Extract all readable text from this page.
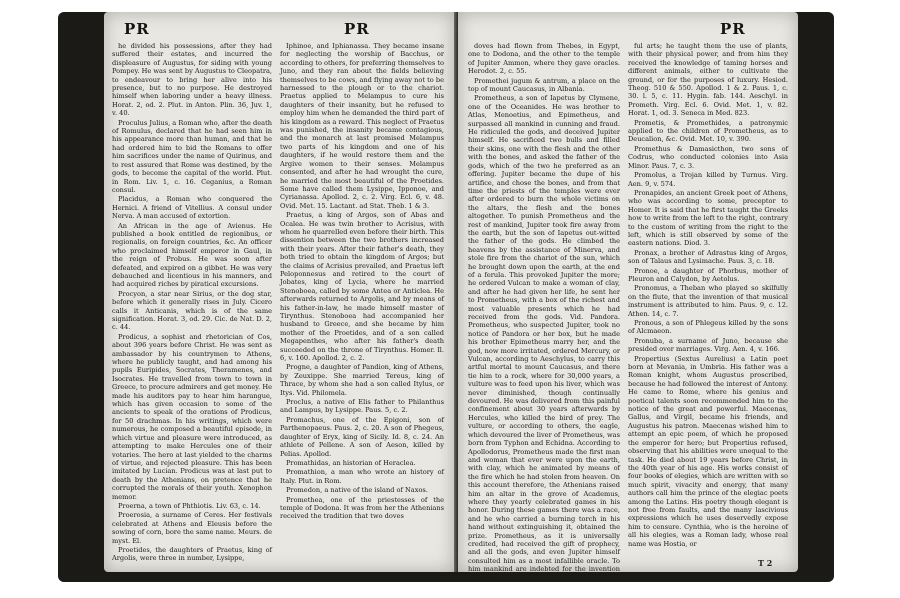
PR	PR

he divided his possessions, after they had suffered their estates, and incurred the displeasure of Augustus, for siding with young Pompey. He was sent by Augustus to Cleopatra, to endeavour to bring her alive into his presence, but to no purpose. He destroyed himself when laboring under a heavy illness. Horat. 2, od. 2. Plut. in Anton. Plin. 36, Juv. 1, v. 40.

Proculus Julius, a Roman who, after the death of Romulus, declared that he had seen him in his appearance more than human, and that he had ordered him to bid the Romans to offer him sacrifices under the name of Quirinus, and to rest assured that Rome was destined, by the gods, to become the capital of the world. Plut. in Rom. Liv. 1, c. 16. Ceganius, a Roman consul.

Placidus, a Roman who conquered the Hernici. A friend of Vitellius. A consul under Nerva. A man accused of extortion.

An African in the age of Avienus. He published a book entitled de regionibus, or regionalis, on foreign countries, &c. An officer who proclaimed himself emperor in Gaul, in the reign of Probus. He was soon after defeated, and expired on a gibbet. He was very debauched and licentious in his manners, and had acquired riches by piratical excursions.

Procyon, a star near Sirius, or the dog star, before which it generally rises in July. Cicero calls it Anticanis, which is of the same signification. Horat. 3, od. 29. Cic. de Nat. D. 2, c. 44.

Prodicus, a sophist and rhetorician of Cos, about 396 years before Christ. He was sent as ambassador by his countrymen to Athens, where he publicly taught, and had among his pupils Euripides, Socrates, Theramenes, and Isocrates. He travelled from town to town in Greece, to procure admirers and get money. He made his auditors pay to hear him harangue, which has given occasion to some of the ancients to speak of the orations of Prodicus, for 50 drachmas. In his writings, which were numerous, he composed a beautiful episode, in which virtue and pleasure were introduced, as attempting to make Hercules one of their votaries. The hero at last yielded to the charms of virtue, and rejected pleasure. This has been imitated by Lucian. Prodicus was at last put to death by the Athenians, on pretence that he corrupted the morals of their youth. Xenophon memor.

Proerna, a town of Phthiotis. Liv. 63, c. 14.

Proerosia, a surname of Ceres. Her festivals celebrated at Athens and Eleusis before the sowing of corn, bore the same name. Meurs. de myst. El.

Proetides, the daughters of Praetus, king of Argolis, were three in number, Lysippe,

Iphinoe, and Iphianassa. They became insane for neglecting the worship of Bacchus, or according to others, for preferring themselves to Juno, and they ran about the fields believing themselves to be cows, and flying away not to be harnessed to the plough or to the chariot. Praetus applied to Melampus to cure his daughters of their insanity, but he refused to employ him when he demanded the third part of his kingdom as a reward. This neglect of Praetus was punished, the insanity became contagious, and the monarch at last promised Melampus two parts of his kingdom and one of his daughters, if he would restore them and the Argive women to their senses. Melampus consented, and after he had wrought the cure, he married the most beautiful of the Proetides. Some have called them Lysippe, Ipponoe, and Cyrianassa. Apollod. 2, c. 2. Virg. Ecl. 6, v. 48. Ovid. Met. 15. Lactant. ad Stat. Theb. 1 & 3.

Praetus, a king of Argos, son of Abas and Ocalea. He was twin brother to Acrisius, with whom he quarrelled even before their birth. This dissention between the two brothers increased with their years. After their father's death, they both tried to obtain the kingdom of Argos; but the claims of Acrisius prevailed, and Praetus left Peloponnesus and retired to the court of Jobates, king of Lycia, where he married Stenoboea, called by some Antea or Anticlea. He afterwards returned to Argolis, and by means of his father-in-law, he made himself master of Tirynthus. Stenoboea had accompanied her husband to Greece, and she became by him mother of the Proetides, and of a son called Megapenthes, who after his father's death succeeded on the throne of Tirynthus. Homer. Il. 6, v. 160. Apollod. 2, c. 2.

Progne, a daughter of Pandion, king of Athens, by Zeuxippe. She married Tereus, king of Thrace, by whom she had a son called Itylus, or Itys. Vid. Philomela.

Proclus, a native of Elis father to Philanthus and Lampus, by Lysippe. Paus. 5, c. 2.

Promachus, one of the Epigoni, son of Parthenopaeus. Paus. 2, c. 20. A son of Phegeus, daughter of Eryx, king of Sicily. Id. 8, c. 24. An athlete of Pellene. A son of Aeson, killed by Pelias. Apollod.

Promathidas, an historian of Heraclea.

Promathion, a man who wrote an history of Italy. Plut. in Rom.

Promedon, a native of the island of Naxos.

Promethea, one of the priestesses of the temple of Dodona. It was from her the Athenians received the tradition that two doves

PR

doves had flown from Thebes, in Egypt, one to Dodona, and the other to the temple of Jupiter Ammon, where they gave oracles. Herodot. 2, c. 55.

Promethei jugum & antrum, a place on the top of mount Caucasus, in Albania.

Prometheus, a son of Iapetus by Clymene, one of the Oceanides. He was brother to Atlas, Menoetius, and Epimetheus, and surpassed all mankind in cunning and fraud. He ridiculed the gods, and deceived Jupiter himself. He sacrificed two bulls and filled their skins, one with the flesh and the other with the bones, and asked the father of the gods, which of the two he preferred as an offering. Jupiter became the dupe of his artifice, and chose the bones, and from that time the priests of the temples were ever after ordered to burn the whole victims on the altars, the flesh and the bones altogether. To punish Prometheus and the rest of mankind, Jupiter took fire away from the earth, but the son of Iapetus out-witted the father of the gods. He climbed the heavens by the assistance of Minerva, and stole fire from the chariot of the sun, which he brought down upon the earth, at the end of a ferula. This provoked Jupiter the more; he ordered Vulcan to make a woman of clay, and after he had given her life, he sent her to Prometheus, with a box of the richest and most valuable presents which he had received from the gods. Vid. Pandora. Prometheus, who suspected Jupiter, took no notice of Pandora or her box, but he made his brother Epimetheus marry her, and the god, now more irritated, ordered Mercury, or Vulcan, according to Aeschylus, to carry this artful mortal to mount Caucasus, and there tie him to a rock, where for 30,000 years, a vulture was to feed upon his liver, which was never diminished, though continually devoured. He was delivered from this painful confinement about 30 years afterwards by Hercules, who killed the bird of prey. The vulture, or according to others, the eagle, which devoured the liver of Prometheus, was born from Typhon and Echidna. According to Apollodorus, Prometheus made the first man and woman that ever were upon the earth, with clay, which he animated by means of the fire which he had stolen from heaven. On this account therefore, the Athenians raised him an altar in the grove of Academus, where they yearly celebrated games in his honor. During these games there was a race, and he who carried a burning torch in his hand without extinguishing it, obtained the prize. Prometheus, as it is universally credited, had received the gift of prophecy, and all the gods, and even Jupiter himself consulted him as a most infallible oracle. To him mankind are indebted for the invention of many of the useful

ful arts; he taught them the use of plants, with their physical power, and from him they received the knowledge of taming horses and different animals, either to cultivate the ground, or for the purposes of luxury. Hesiod. Theog. 510 & 550. Apollod. 1 & 2. Paus. 1, c. 30. l. 5, c. 11. Hygin. fab. 144. Aeschyl. in Prometh. Virg. Ecl. 6. Ovid. Met. 1, v. 82. Horat. 1, od. 3. Seneca in Med. 823.

Prometis, & Promethides, a patronymic applied to the children of Prometheus, as to Deucalion, &c. Ovid. Met. 10, v. 390.

Promethus & Damasicthon, two sons of Codrus, who conducted colonies into Asia Minor. Paus. 7, c. 3.

Promolus, a Trojan killed by Turnus. Virg. Aen. 9, v. 574.

Pronapides, an ancient Greek poet of Athens, who was according to some, preceptor to Homer. It is said that he first taught the Greeks how to write from the left to the right, contrary to the custom of writing from the right to the left, which is still observed by some of the eastern nations. Diod. 3.

Pronax, a brother of Adrastus king of Argos, son of Talaus and Lysimache. Paus. 3, c. 18.

Pronoe, a daughter of Phorbus, mother of Pleuron and Calydon, by Aetolus.

Pronomus, a Theban who played so skilfully on the flute, that the invention of that musical instrument is attributed to him. Paus. 9, c. 12. Athen. 14, c. 7.

Pronous, a son of Phlegeus killed by the sons of Alcmaeon.

Pronuba, a surname of Juno, because she presided over marriages. Virg. Aen. 4, v. 166.

Propertius (Sextus Aurelius) a Latin poet born at Mevania, in Umbria. His father was a Roman knight, whom Augustus proscribed, because he had followed the interest of Antony. He came to Rome, where his genius and poetical talents soon recommended him to the notice of the great and powerful. Maecenas, Gallus, and Virgil, became his friends, and Augustus his patron. Maecenas wished him to attempt an epic poem, of which he proposed the emperor for hero; but Propertius refused, observing that his abilities were unequal to the task. He died about 19 years before Christ, in the 40th year of his age. His works consist of four books of elegies, which are written with so much spirit, vivacity and energy, that many authors call him the prince of the elegiac poets among the Latins. His poetry though elegant is not free from faults, and the many lascivious expressions which he uses deservedly expose him to censure. Cynthia, who is the heroine of all his elegies, was a Roman lady, whose real name was Hostia, or

T 2
